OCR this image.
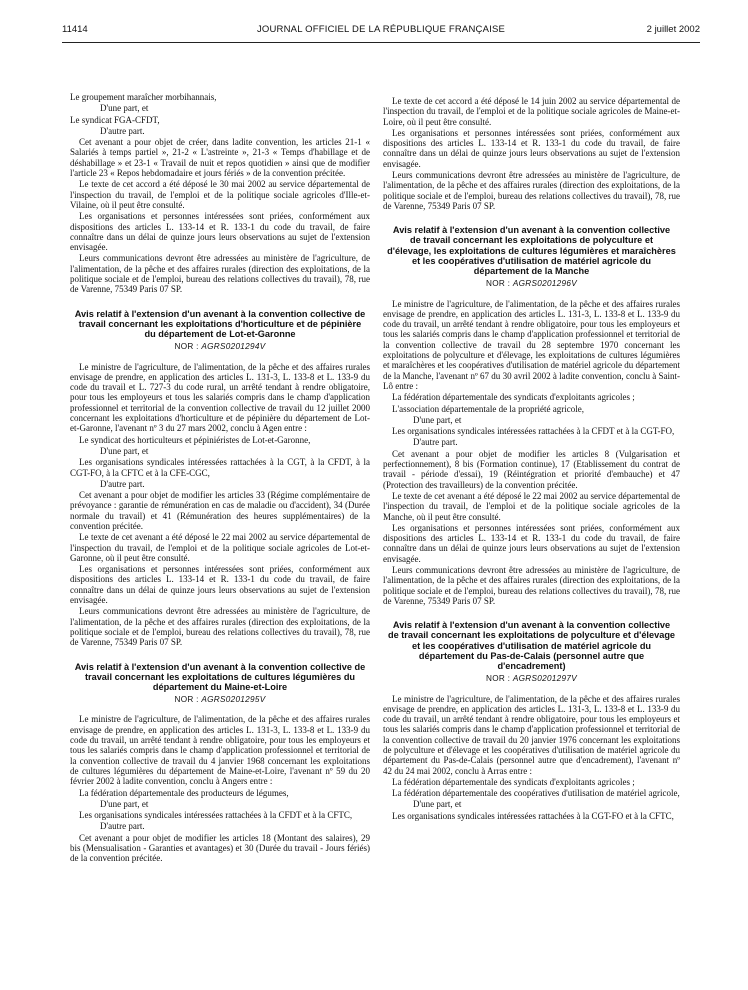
11414	JOURNAL OFFICIEL DE LA RÉPUBLIQUE FRANÇAISE	2 juillet 2002

Le groupement maraîcher morbihannais,

D'une part, et

Le syndicat FGA-CFDT,

D'autre part.

Cet avenant a pour objet de créer, dans ladite convention, les articles 21-1 « Salariés à temps partiel », 21-2 « L'astreinte », 21-3 « Temps d'habillage et de déshabillage » et 23-1 « Travail de nuit et repos quotidien » ainsi que de modifier l'article 23 « Repos hebdomadaire et jours fériés » de la convention précitée.

Le texte de cet accord a été déposé le 30 mai 2002 au service départemental de l'inspection du travail, de l'emploi et de la politique sociale agricoles d'Ille-et-Vilaine, où il peut être consulté.

Les organisations et personnes intéressées sont priées, conformément aux dispositions des articles L. 133-14 et R. 133-1 du code du travail, de faire connaître dans un délai de quinze jours leurs observations au sujet de l'extension envisagée.

Leurs communications devront être adressées au ministère de l'agriculture, de l'alimentation, de la pêche et des affaires rurales (direction des exploitations, de la politique sociale et de l'emploi, bureau des relations collectives du travail), 78, rue de Varenne, 75349 Paris 07 SP.

Avis relatif à l'extension d'un avenant à la convention collective de travail concernant les exploitations d'horticulture et de pépinière du département de Lot-et-Garonne
NOR : AGRS0201294V

Le ministre de l'agriculture, de l'alimentation, de la pêche et des affaires rurales envisage de prendre, en application des articles L. 131-3, L. 133-8 et L. 133-9 du code du travail et L. 727-3 du code rural, un arrêté tendant à rendre obligatoire, pour tous les employeurs et tous les salariés compris dans le champ d'application professionnel et territorial de la convention collective de travail du 12 juillet 2000 concernant les exploitations d'horticulture et de pépinière du département de Lot-et-Garonne, l'avenant nº 3 du 27 mars 2002, conclu à Agen entre :

Le syndicat des horticulteurs et pépiniéristes de Lot-et-Garonne,

D'une part, et

Les organisations syndicales intéressées rattachées à la CGT, à la CFDT, à la CGT-FO, à la CFTC et à la CFE-CGC,

D'autre part.

Cet avenant a pour objet de modifier les articles 33 (Régime complémentaire de prévoyance : garantie de rémunération en cas de maladie ou d'accident), 34 (Durée normale du travail) et 41 (Rémunération des heures supplémentaires) de la convention précitée.

Le texte de cet avenant a été déposé le 22 mai 2002 au service départemental de l'inspection du travail, de l'emploi et de la politique sociale agricoles de Lot-et-Garonne, où il peut être consulté.

Les organisations et personnes intéressées sont priées, conformément aux dispositions des articles L. 133-14 et R. 133-1 du code du travail, de faire connaître dans un délai de quinze jours leurs observations au sujet de l'extension envisagée.

Leurs communications devront être adressées au ministère de l'agriculture, de l'alimentation, de la pêche et des affaires rurales (direction des exploitations, de la politique sociale et de l'emploi, bureau des relations collectives du travail), 78, rue de Varenne, 75349 Paris 07 SP.

Avis relatif à l'extension d'un avenant à la convention collective de travail concernant les exploitations de cultures légumières du département du Maine-et-Loire
NOR : AGRS0201295V

Le ministre de l'agriculture, de l'alimentation, de la pêche et des affaires rurales envisage de prendre, en application des articles L. 131-3, L. 133-8 et L. 133-9 du code du travail, un arrêté tendant à rendre obligatoire, pour tous les employeurs et tous les salariés compris dans le champ d'application professionnel et territorial de la convention collective de travail du 4 janvier 1968 concernant les exploitations de cultures légumières du département de Maine-et-Loire, l'avenant nº 59 du 20 février 2002 à ladite convention, conclu à Angers entre :

La fédération départementale des producteurs de légumes,

D'une part, et

Les organisations syndicales intéressées rattachées à la CFDT et à la CFTC,

D'autre part.

Cet avenant a pour objet de modifier les articles 18 (Montant des salaires), 29 bis (Mensualisation - Garanties et avantages) et 30 (Durée du travail - Jours fériés) de la convention précitée.

Le texte de cet accord a été déposé le 14 juin 2002 au service départemental de l'inspection du travail, de l'emploi et de la politique sociale agricoles de Maine-et-Loire, où il peut être consulté.

Les organisations et personnes intéressées sont priées, conformément aux dispositions des articles L. 133-14 et R. 133-1 du code du travail, de faire connaître dans un délai de quinze jours leurs observations au sujet de l'extension envisagée.

Leurs communications devront être adressées au ministère de l'agriculture, de l'alimentation, de la pêche et des affaires rurales (direction des exploitations, de la politique sociale et de l'emploi, bureau des relations collectives du travail), 78, rue de Varenne, 75349 Paris 07 SP.

Avis relatif à l'extension d'un avenant à la convention collective de travail concernant les exploitations de polyculture et d'élevage, les exploitations de cultures légumières et maraîchères et les coopératives d'utilisation de matériel agricole du département de la Manche
NOR : AGRS0201296V

Le ministre de l'agriculture, de l'alimentation, de la pêche et des affaires rurales envisage de prendre, en application des articles L. 131-3, L. 133-8 et L. 133-9 du code du travail, un arrêté tendant à rendre obligatoire, pour tous les employeurs et tous les salariés compris dans le champ d'application professionnel et territorial de la convention collective de travail du 28 septembre 1970 concernant les exploitations de polyculture et d'élevage, les exploitations de cultures légumières et maraîchères et les coopératives d'utilisation de matériel agricole du département de la Manche, l'avenant nº 67 du 30 avril 2002 à ladite convention, conclu à Saint-Lô entre :

La fédération départementale des syndicats d'exploitants agricoles ;

L'association départementale de la propriété agricole,

D'une part, et

Les organisations syndicales intéressées rattachées à la CFDT et à la CGT-FO,

D'autre part.

Cet avenant a pour objet de modifier les articles 8 (Vulgarisation et perfectionnement), 8 bis (Formation continue), 17 (Etablissement du contrat de travail - période d'essai), 19 (Réintégration et priorité d'embauche) et 47 (Protection des travailleurs) de la convention précitée.

Le texte de cet avenant a été déposé le 22 mai 2002 au service départemental de l'inspection du travail, de l'emploi et de la politique sociale agricoles de la Manche, où il peut être consulté.

Les organisations et personnes intéressées sont priées, conformément aux dispositions des articles L. 133-14 et R. 133-1 du code du travail, de faire connaître dans un délai de quinze jours leurs observations au sujet de l'extension envisagée.

Leurs communications devront être adressées au ministère de l'agriculture, de l'alimentation, de la pêche et des affaires rurales (direction des exploitations, de la politique sociale et de l'emploi, bureau des relations collectives du travail), 78, rue de Varenne, 75349 Paris 07 SP.

Avis relatif à l'extension d'un avenant à la convention collective de travail concernant les exploitations de polyculture et d'élevage et les coopératives d'utilisation de matériel agricole du département du Pas-de-Calais (personnel autre que d'encadrement)
NOR : AGRS0201297V

Le ministre de l'agriculture, de l'alimentation, de la pêche et des affaires rurales envisage de prendre, en application des articles L. 131-3, L. 133-8 et L. 133-9 du code du travail, un arrêté tendant à rendre obligatoire, pour tous les employeurs et tous les salariés compris dans le champ d'application professionnel et territorial de la convention collective de travail du 20 janvier 1976 concernant les exploitations de polyculture et d'élevage et les coopératives d'utilisation de matériel agricole du département du Pas-de-Calais (personnel autre que d'encadrement), l'avenant nº 42 du 24 mai 2002, conclu à Arras entre :

La fédération départementale des syndicats d'exploitants agricoles ;

La fédération départementale des coopératives d'utilisation de matériel agricole,

D'une part, et

Les organisations syndicales intéressées rattachées à la CGT-FO et à la CFTC,
